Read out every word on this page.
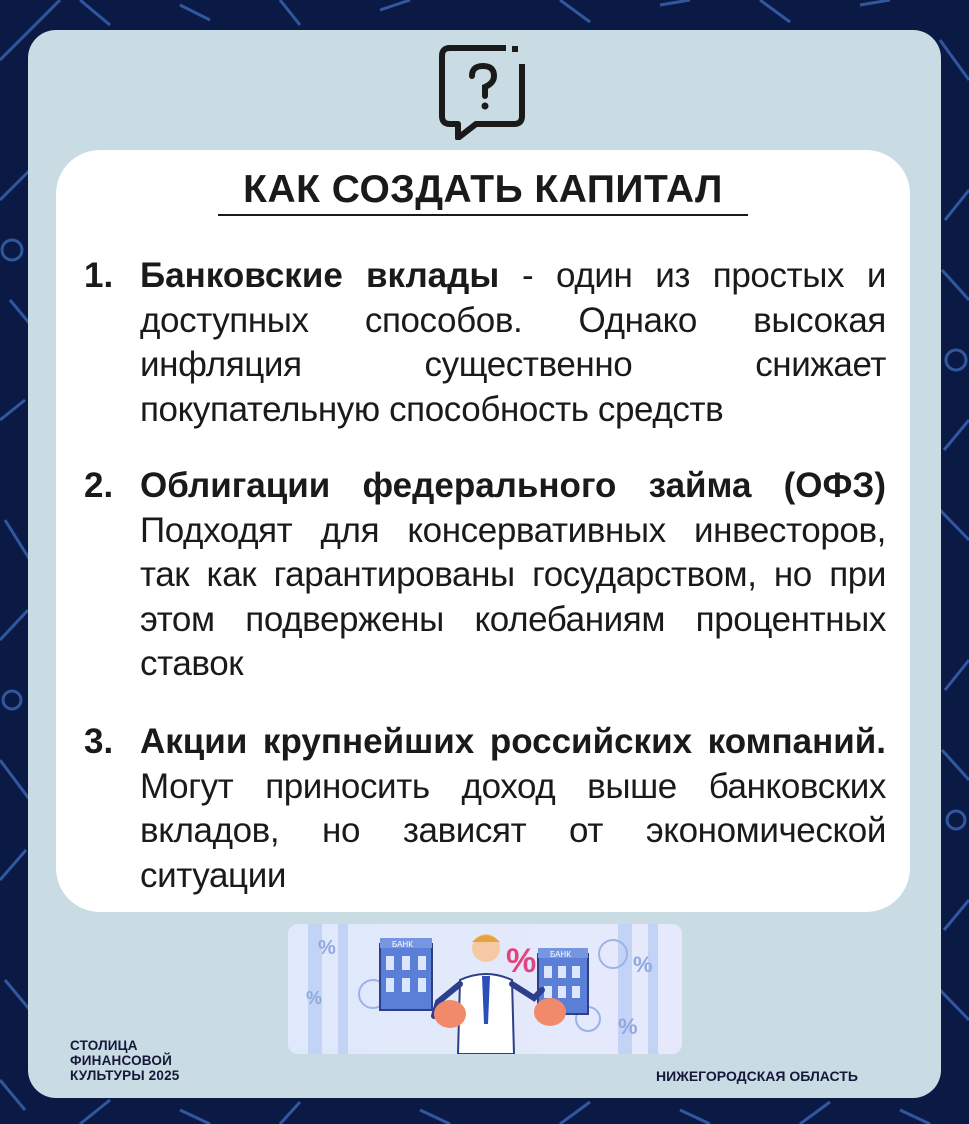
КАК СОЗДАТЬ КАПИТАЛ
1. Банковские вклады - один из простых и доступных способов. Однако высокая инфляция существенно снижает покупательную способность средств
2. Облигации федерального займа (ОФЗ) Подходят для консервативных инвесторов, так как гарантированы государством, но при этом подвержены колебаниям процентных ставок
3. Акции крупнейших российских компаний. Могут приносить доход выше банковских вкладов, но зависят от экономической ситуации
%
%
%
%
БАНК
БАНК
%
СТОЛИЦА
ФИНАНСОВОЙ
КУЛЬТУРЫ 2025	НИЖЕГОРОДСКАЯ ОБЛАСТЬ
